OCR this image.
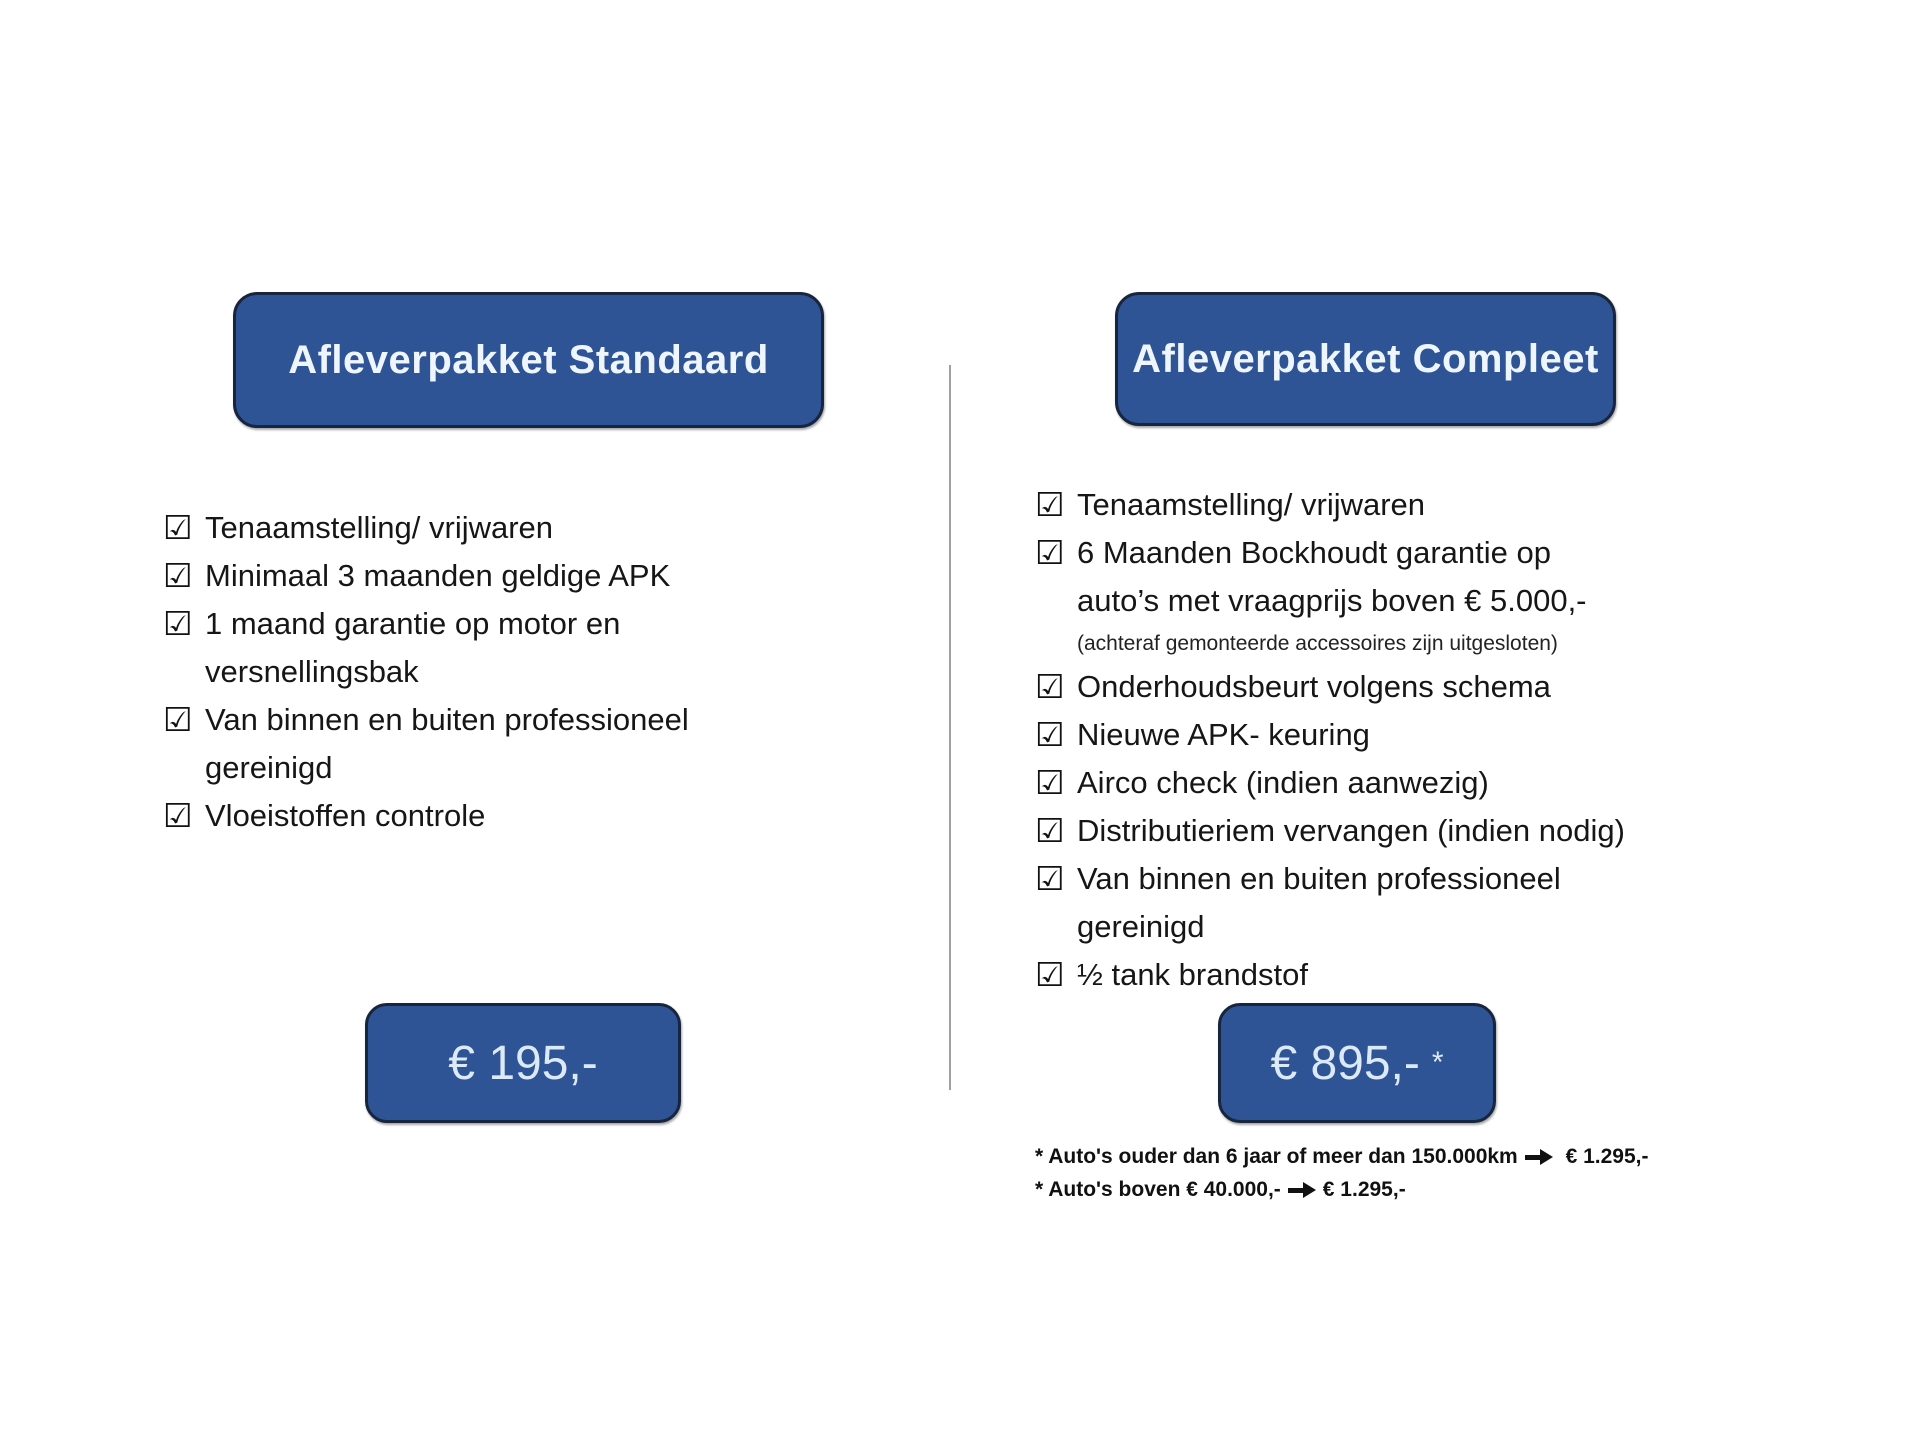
Afleverpakket Standaard	Afleverpakket Compleet
☑ Tenaamstelling/ vrijwaren
☑ Minimaal 3 maanden geldige APK
☑ 1 maand garantie op motor en
versnellingsbak
☑ Van binnen en buiten professioneel
gereinigd
☑ Vloeistoffen controle
☑ Tenaamstelling/ vrijwaren
☑ 6 Maanden Bockhoudt garantie op
auto’s met vraagprijs boven € 5.000,-
(achteraf gemonteerde accessoires zijn uitgesloten)
☑ Onderhoudsbeurt volgens schema
☑ Nieuwe APK- keuring
☑ Airco check (indien aanwezig)
☑ Distributieriem vervangen (indien nodig)
☑ Van binnen en buiten professioneel
gereinigd
☑ ½ tank brandstof
€ 195,-	€ 895,- *
* Auto's ouder dan 6 jaar of meer dan 150.000km € 1.295,-
* Auto's boven € 40.000,- € 1.295,-
